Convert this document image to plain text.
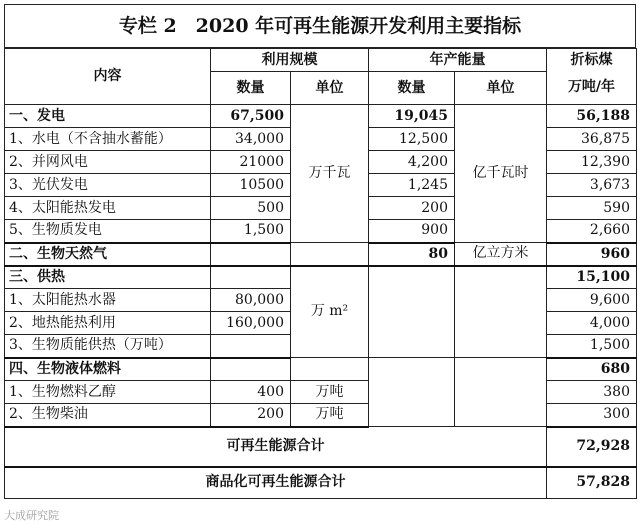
专栏 2　2020 年可再生能源开发利用主要指标
内容	利用规模		年产能量		折标煤
	数量	单位	数量	单位	万吨/年
一、发电	67,500	万千瓦	19,045	亿千瓦时	56,188
1、水电（不含抽水蓄能）	34,000		12,500		36,875
2、并网风电	21000		4,200		12,390
3、光伏发电	10500		1,245		3,673
4、太阳能热发电	500		200		590
5、生物质发电	1,500		900		2,660
二、生物天然气			80	亿立方米	960
三、供热		万 m²			15,100
1、太阳能热水器	80,000				9,600
2、地热能热利用	160,000				4,000
3、生物质能供热（万吨）					1,500
四、生物液体燃料					680
1、生物燃料乙醇	400	万吨			380
2、生物柴油	200	万吨			300
可再生能源合计					72,928
商品化可再生能源合计					57,828
大成研究院
